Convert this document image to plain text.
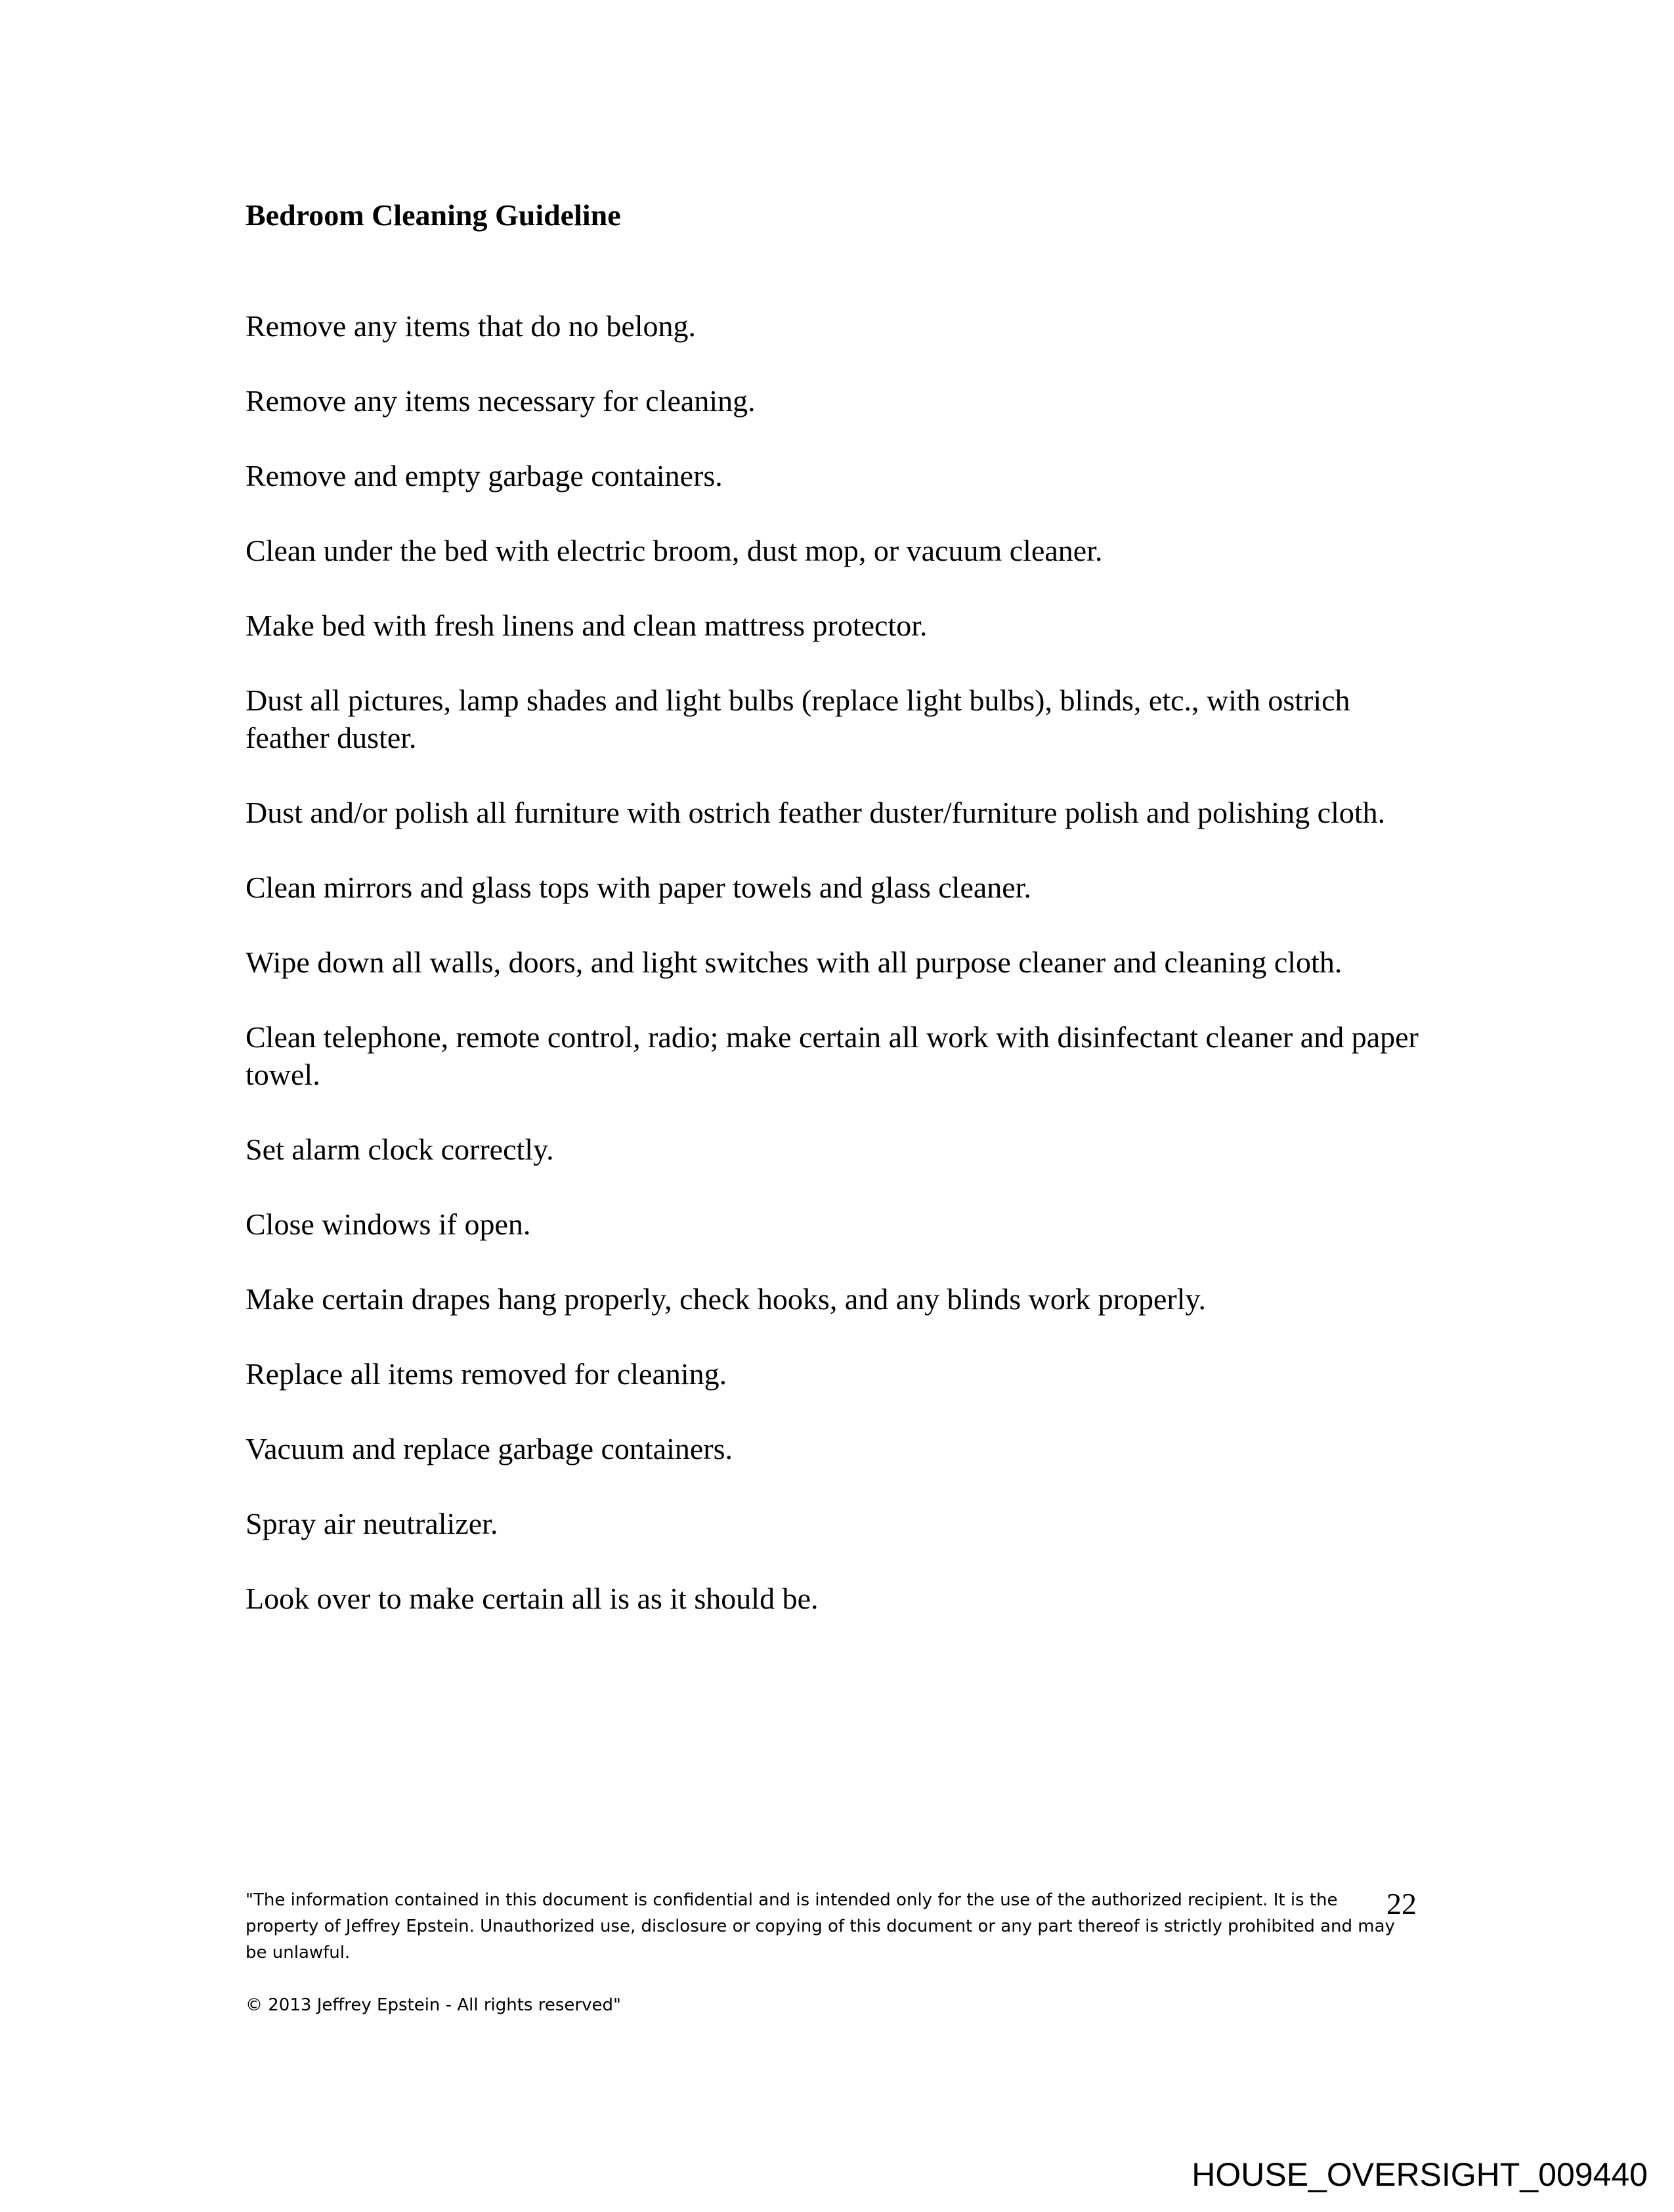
Bedroom Cleaning Guideline
Remove any items that do no belong.
Remove any items necessary for cleaning.
Remove and empty garbage containers.
Clean under the bed with electric broom, dust mop, or vacuum cleaner.
Make bed with fresh linens and clean mattress protector.
Dust all pictures, lamp shades and light bulbs (replace light bulbs), blinds, etc., with ostrich feather duster.
Dust and/or polish all furniture with ostrich feather duster/furniture polish and polishing cloth.
Clean mirrors and glass tops with paper towels and glass cleaner.
Wipe down all walls, doors, and light switches with all purpose cleaner and cleaning cloth.
Clean telephone, remote control, radio; make certain all work with disinfectant cleaner and paper towel.
Set alarm clock correctly.
Close windows if open.
Make certain drapes hang properly, check hooks, and any blinds work properly.
Replace all items removed for cleaning.
Vacuum and replace garbage containers.
Spray air neutralizer.
Look over to make certain all is as it should be.

"The information contained in this document is confidential and is intended only for the use of the authorized recipient. It is the property of Jeffrey Epstein. Unauthorized use, disclosure or copying of this document or any part thereof is strictly prohibited and may be unlawful.

© 2013 Jeffrey Epstein - All rights reserved"

22
HOUSE_OVERSIGHT_009440
